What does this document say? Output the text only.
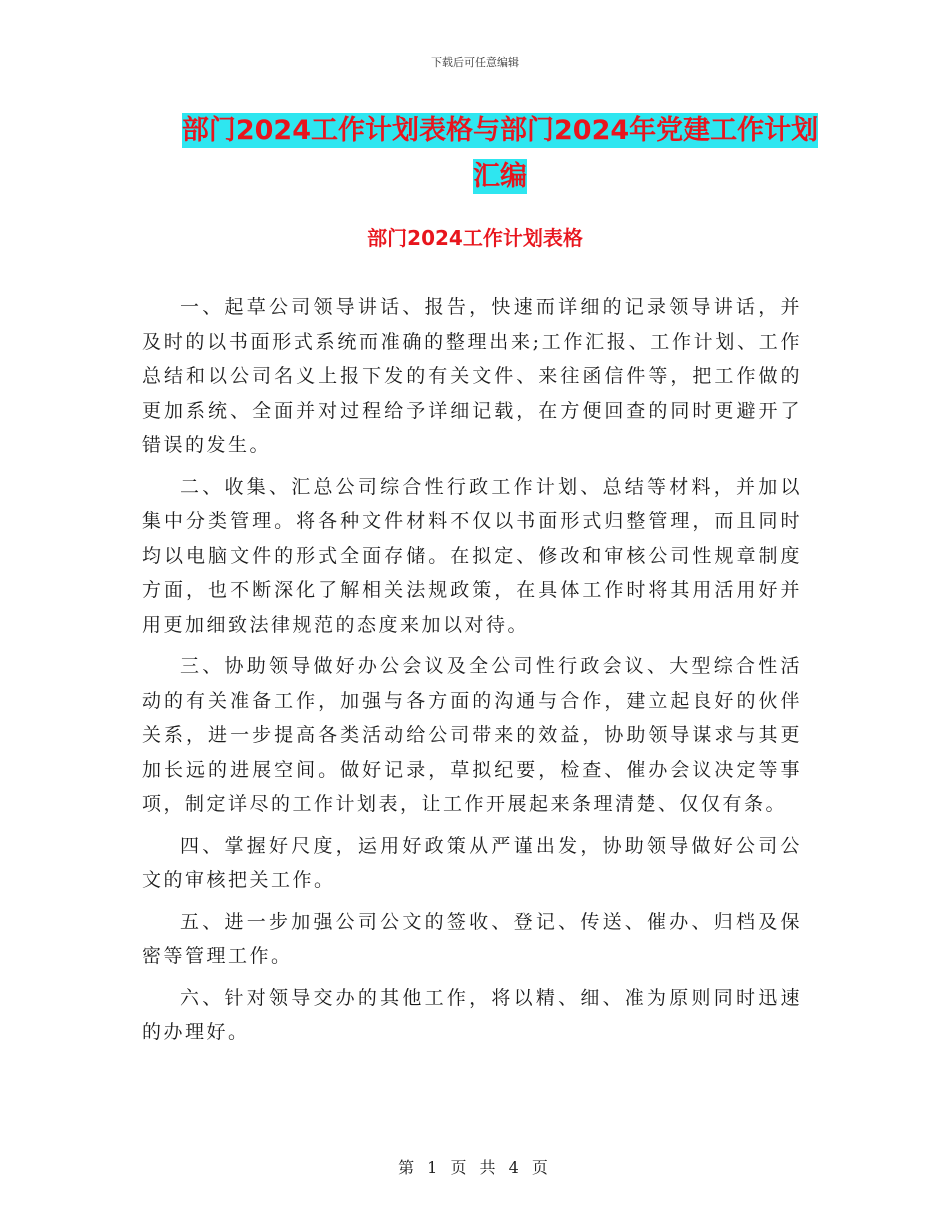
下载后可任意编辑
部门2024工作计划表格与部门2024年党建工作计划
汇编
部门2024工作计划表格

一、起草公司领导讲话、报告，快速而详细的记录领导讲话，并及时的以书面形式系统而准确的整理出来;工作汇报、工作计划、工作总结和以公司名义上报下发的有关文件、来往函信件等，把工作做的更加系统、全面并对过程给予详细记载，在方便回查的同时更避开了错误的发生。

二、收集、汇总公司综合性行政工作计划、总结等材料，并加以集中分类管理。将各种文件材料不仅以书面形式归整管理，而且同时均以电脑文件的形式全面存储。在拟定、修改和审核公司性规章制度方面，也不断深化了解相关法规政策，在具体工作时将其用活用好并用更加细致法律规范的态度来加以对待。

三、协助领导做好办公会议及全公司性行政会议、大型综合性活动的有关准备工作，加强与各方面的沟通与合作，建立起良好的伙伴关系，进一步提高各类活动给公司带来的效益，协助领导谋求与其更加长远的进展空间。做好记录，草拟纪要，检查、催办会议决定等事项，制定详尽的工作计划表，让工作开展起来条理清楚、仅仅有条。

四、掌握好尺度，运用好政策从严谨出发，协助领导做好公司公文的审核把关工作。

五、进一步加强公司公文的签收、登记、传送、催办、归档及保密等管理工作。

六、针对领导交办的其他工作，将以精、细、准为原则同时迅速的办理好。

第 1 页 共 4 页
